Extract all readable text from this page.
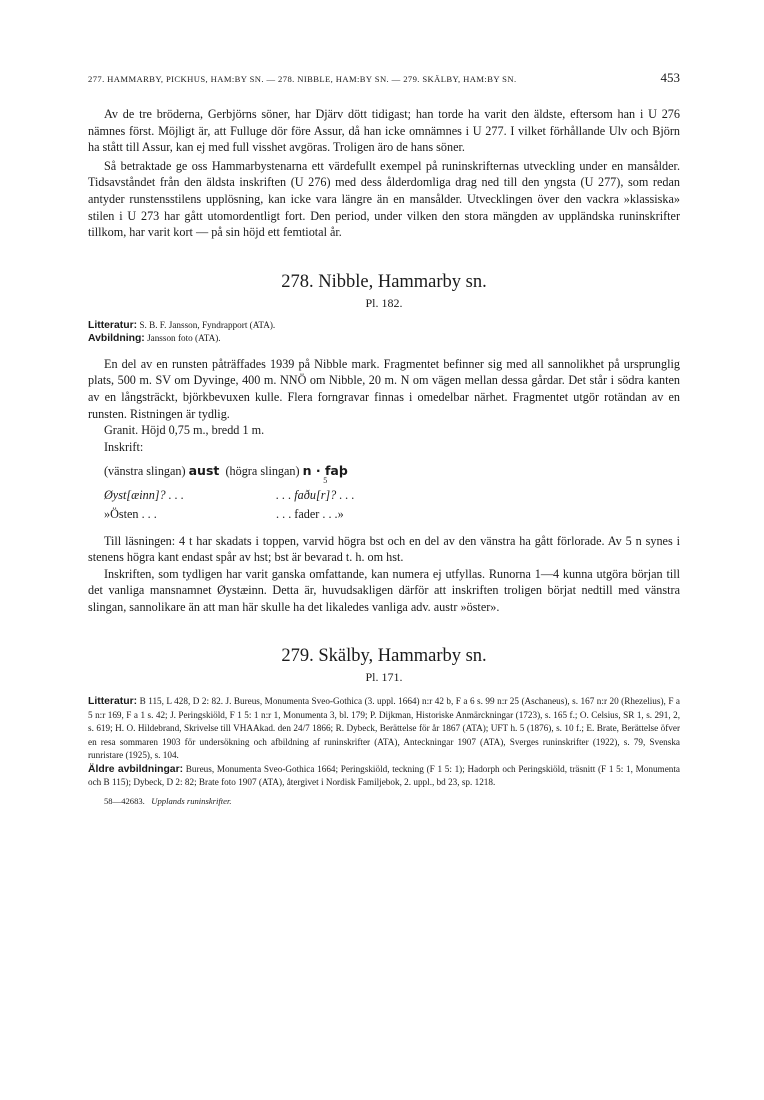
277. HAMMARBY, PICKHUS, HAM:BY SN. — 278. NIBBLE, HAM:BY SN. — 279. SKÄLBY, HAM:BY SN.	453

Av de tre bröderna, Gerbjörns söner, har Djärv dött tidigast; han torde ha varit den äldste, eftersom han i U 276 nämnes först. Möjligt är, att Fulluge dör före Assur, då han icke omnämnes i U 277. I vilket förhållande Ulv och Björn ha stått till Assur, kan ej med full visshet avgöras. Troligen äro de hans söner.

Så betraktade ge oss Hammarbystenarna ett värdefullt exempel på runinskrifternas utveckling under en mansålder. Tidsavståndet från den äldsta inskriften (U 276) med dess ålderdomliga drag ned till den yngsta (U 277), som redan antyder runstensstilens upplösning, kan icke vara längre än en mansålder. Utvecklingen över den vackra »klassiska» stilen i U 273 har gått utomordentligt fort. Den period, under vilken den stora mängden av uppländska runinskrifter tillkom, har varit kort — på sin höjd ett femtiotal år.

278. Nibble, Hammarby sn.
Pl. 182.

Litteratur: S. B. F. Jansson, Fyndrapport (ATA).

Avbildning: Jansson foto (ATA).

En del av en runsten påträffades 1939 på Nibble mark. Fragmentet befinner sig med all sannolikhet på ursprunglig plats, 500 m. SV om Dyvinge, 400 m. NNÖ om Nibble, 20 m. N om vägen mellan dessa gårdar. Det står i södra kanten av en långsträckt, björkbevuxen kulle. Flera forngravar finnas i omedelbar närhet. Fragmentet utgör rotändan av en runsten. Ristningen är tydlig.

Granit. Höjd 0,75 m., bredd 1 m.
Inskrift:
(vänstra slingan)
aust
(högra slingan)
n · faþ
5
Øyst[æinn]? . . .	. . . faðu[r]? . . .
»Östen . . .	. . . fader . . .»

Till läsningen: 4 t har skadats i toppen, varvid högra bst och en del av den vänstra ha gått förlorade. Av 5 n synes i stenens högra kant endast spår av hst; bst är bevarad t. h. om hst.

Inskriften, som tydligen har varit ganska omfattande, kan numera ej utfyllas. Runorna 1—4 kunna utgöra början till det vanliga mansnamnet Øystæinn. Detta är, huvudsakligen därför att inskriften troligen börjat nedtill med vänstra slingan, sannolikare än att man här skulle ha det likaledes vanliga adv. austr »öster».

279. Skälby, Hammarby sn.
Pl. 171.

Litteratur: B 115, L 428, D 2: 82. J. Bureus, Monumenta Sveo-Gothica (3. uppl. 1664) n:r 42 b, F a 6 s. 99 n:r 25 (Aschaneus), s. 167 n:r 20 (Rhezelius), F a 5 n:r 169, F a 1 s. 42; J. Peringskiöld, F 1 5: 1 n:r 1, Monumenta 3, bl. 179; P. Dijkman, Historiske Anmärckningar (1723), s. 165 f.; O. Celsius, SR 1, s. 291, 2, s. 619; H. O. Hildebrand, Skrivelse till VHAAkad. den 24/7 1866; R. Dybeck, Berättelse för år 1867 (ATA); UFT h. 5 (1876), s. 10 f.; E. Brate, Berättelse öfver en resa sommaren 1903 för undersökning och afbildning af runinskrifter (ATA), Anteckningar 1907 (ATA), Sverges runinskrifter (1922), s. 79, Svenska runristare (1925), s. 104.

Äldre avbildningar: Bureus, Monumenta Sveo-Gothica 1664; Peringskiöld, teckning (F 1 5: 1); Hadorph och Peringskiöld, träsnitt (F 1 5: 1, Monumenta och B 115); Dybeck, D 2: 82; Brate foto 1907 (ATA), återgivet i Nordisk Familjebok, 2. uppl., bd 23, sp. 1218.

58—42683. Upplands runinskrifter.
